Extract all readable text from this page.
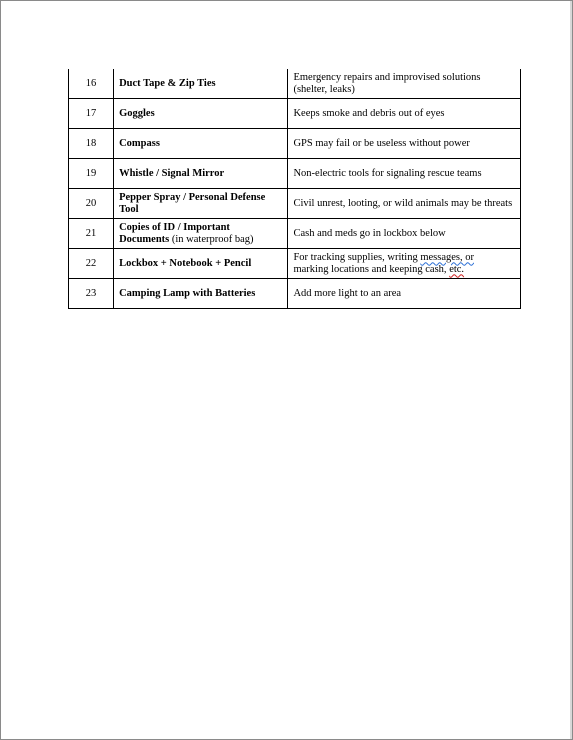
16	Duct Tape & Zip Ties	Emergency repairs and improvised solutions (shelter, leaks)
17	Goggles	Keeps smoke and debris out of eyes
18	Compass	GPS may fail or be useless without power
19	Whistle / Signal Mirror	Non-electric tools for signaling rescue teams
20	Pepper Spray / Personal Defense Tool	Civil unrest, looting, or wild animals may be threats
21	Copies of ID / Important Documents (in waterproof bag)	Cash and meds go in lockbox below
22	Lockbox + Notebook + Pencil	For tracking supplies, writing messages, or
marking locations and keeping cash, etc.
23	Camping Lamp with Batteries	Add more light to an area
